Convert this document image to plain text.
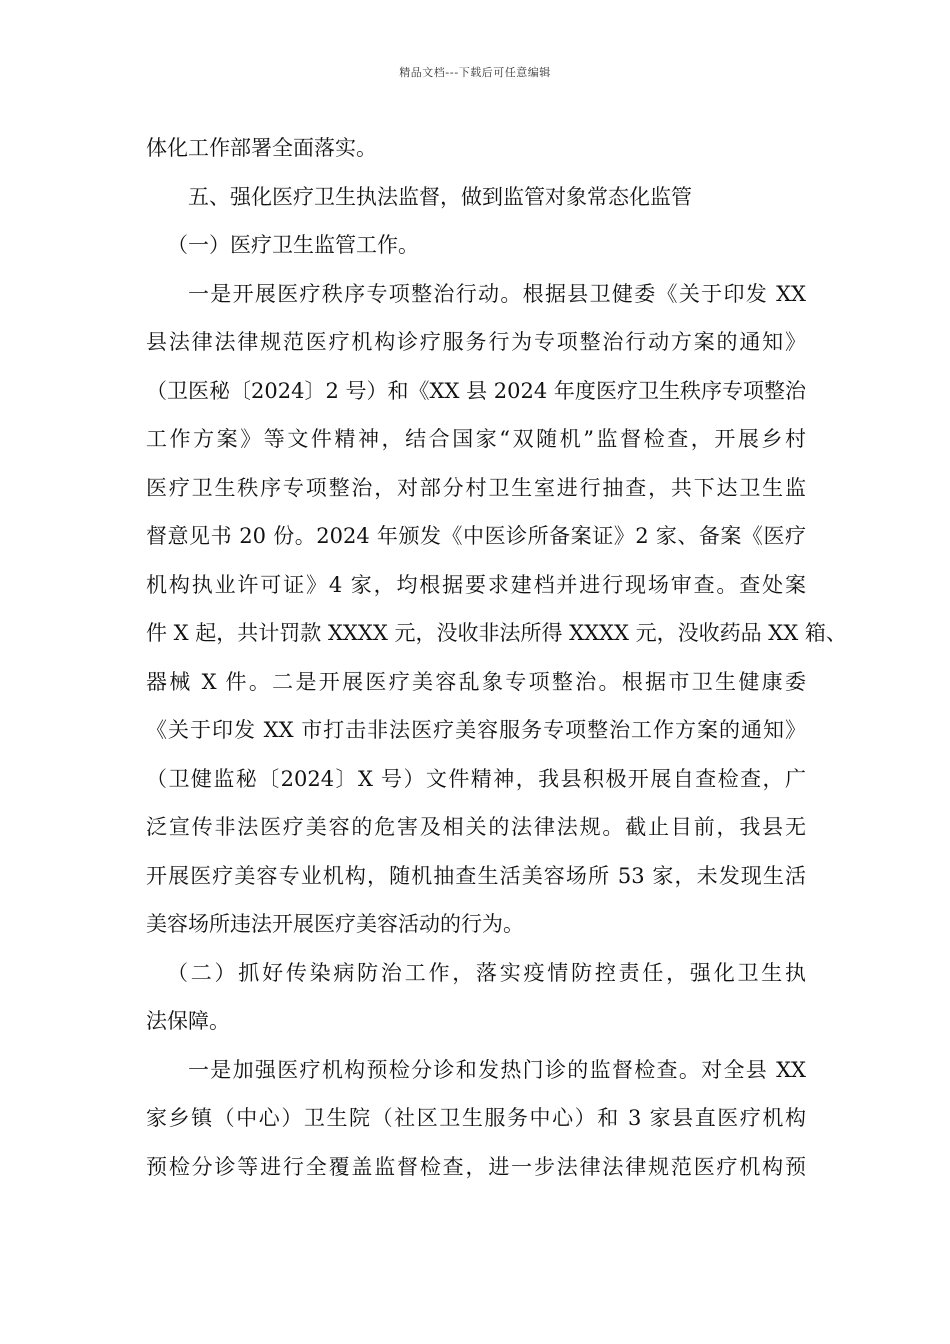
精品文档---下载后可任意编辑
体化工作部署全面落实。
五、强化医疗卫生执法监督，做到监管对象常态化监管
（一）医疗卫生监管工作。
一是开展医疗秩序专项整治行动。根据县卫健委《关于印发 XX
县法律法律规范医疗机构诊疗服务行为专项整治行动方案的通知》
（卫医秘〔2024〕2 号）和《XX 县 2024 年度医疗卫生秩序专项整治
工作方案》等文件精神，结合国家“双随机”监督检查，开展乡村
医疗卫生秩序专项整治，对部分村卫生室进行抽查，共下达卫生监
督意见书 20 份。2024 年颁发《中医诊所备案证》2 家、备案《医疗
机构执业许可证》4 家，均根据要求建档并进行现场审查。查处案
件 X 起，共计罚款 XXXX 元，没收非法所得 XXXX 元，没收药品 XX 箱、
器械 X 件。二是开展医疗美容乱象专项整治。根据市卫生健康委
《关于印发 XX 市打击非法医疗美容服务专项整治工作方案的通知》
（卫健监秘〔2024〕X 号）文件精神，我县积极开展自查检查，广
泛宣传非法医疗美容的危害及相关的法律法规。截止目前，我县无
开展医疗美容专业机构，随机抽查生活美容场所 53 家，未发现生活
美容场所违法开展医疗美容活动的行为。
（二）抓好传染病防治工作，落实疫情防控责任，强化卫生执
法保障。
一是加强医疗机构预检分诊和发热门诊的监督检查。对全县 XX
家乡镇（中心）卫生院（社区卫生服务中心）和 3 家县直医疗机构
预检分诊等进行全覆盖监督检查，进一步法律法律规范医疗机构预
